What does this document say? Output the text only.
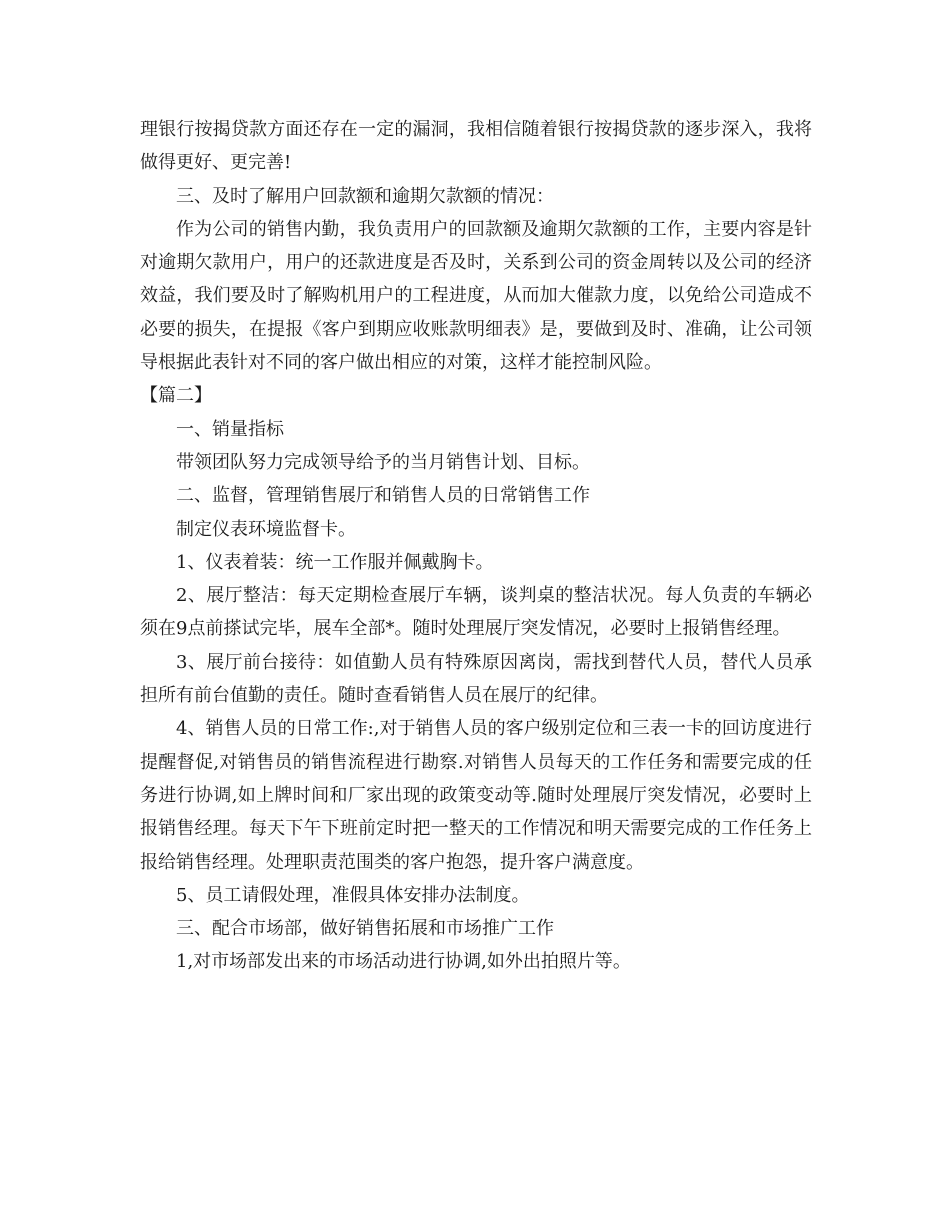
理银行按揭贷款方面还存在一定的漏洞，我相信随着银行按揭贷款的逐步深入，我将做得更好、更完善!

三、及时了解用户回款额和逾期欠款额的情况：

作为公司的销售内勤，我负责用户的回款额及逾期欠款额的工作，主要内容是针对逾期欠款用户，用户的还款进度是否及时，关系到公司的资金周转以及公司的经济效益，我们要及时了解购机用户的工程进度，从而加大催款力度，以免给公司造成不必要的损失，在提报《客户到期应收账款明细表》是，要做到及时、准确，让公司领导根据此表针对不同的客户做出相应的对策，这样才能控制风险。

【篇二】

一、销量指标

带领团队努力完成领导给予的当月销售计划、目标。

二、监督，管理销售展厅和销售人员的日常销售工作

制定仪表环境监督卡。

1、仪表着装：统一工作服并佩戴胸卡。

2、展厅整洁：每天定期检查展厅车辆，谈判桌的整洁状况。每人负责的车辆必须在9点前搽试完毕，展车全部*。随时处理展厅突发情况，必要时上报销售经理。

3、展厅前台接待：如值勤人员有特殊原因离岗，需找到替代人员，替代人员承担所有前台值勤的责任。随时查看销售人员在展厅的纪律。

4、销售人员的日常工作:,对于销售人员的客户级别定位和三表一卡的回访度进行提醒督促,对销售员的销售流程进行勘察.对销售人员每天的工作任务和需要完成的任务进行协调,如上牌时间和厂家出现的政策变动等.随时处理展厅突发情况，必要时上报销售经理。每天下午下班前定时把一整天的工作情况和明天需要完成的工作任务上报给销售经理。处理职责范围类的客户抱怨，提升客户满意度。

5、员工请假处理，准假具体安排办法制度。

三、配合市场部，做好销售拓展和市场推广工作

1,对市场部发出来的市场活动进行协调,如外出拍照片等。
